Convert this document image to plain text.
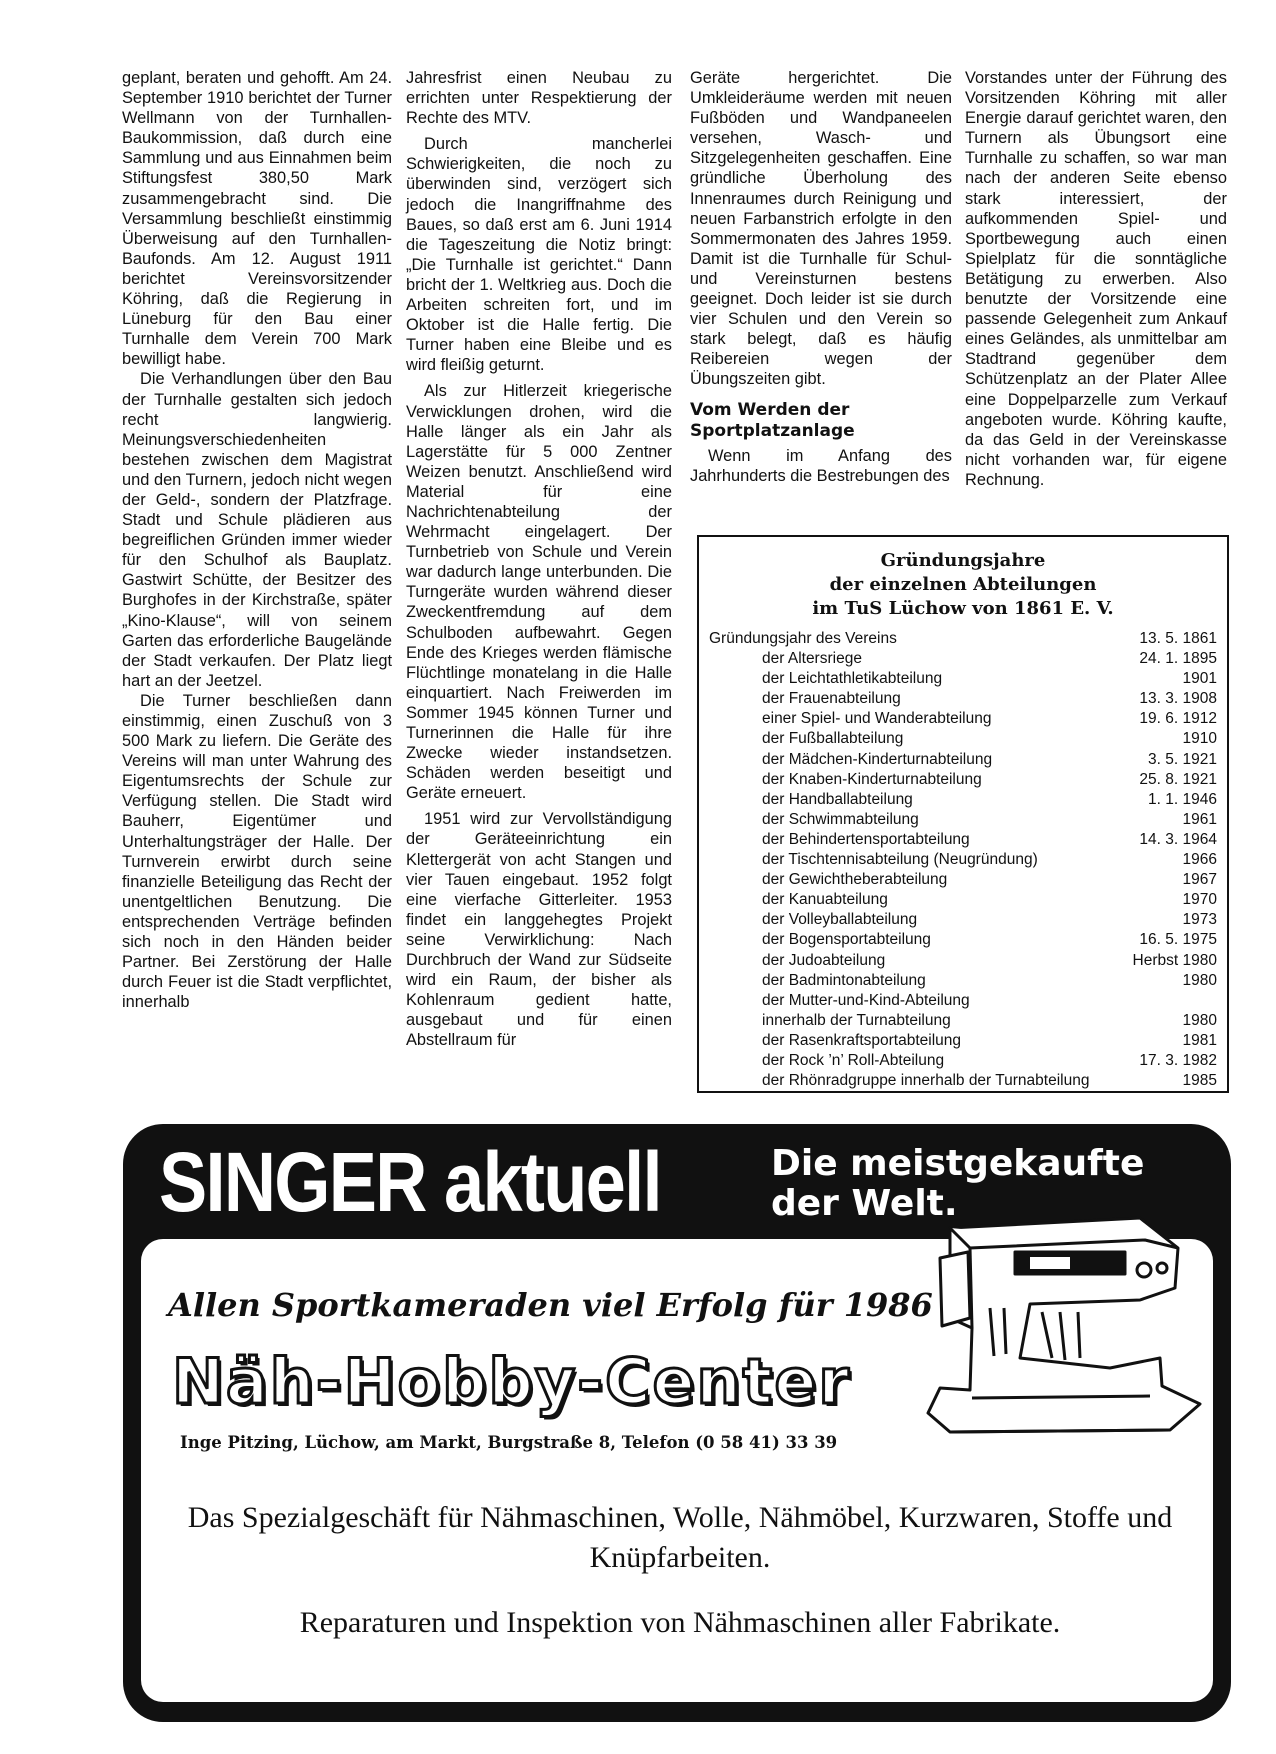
geplant, beraten und gehofft. Am 24. September 1910 berichtet der Turner Wellmann von der Turnhallen-Baukommission, daß durch eine Sammlung und aus Einnahmen beim Stiftungsfest 380,50 Mark zusammengebracht sind. Die Versammlung beschließt einstimmig Überweisung auf den Turnhallen-Baufonds. Am 12. August 1911 berichtet Vereinsvorsitzender Köhring, daß die Regierung in Lüneburg für den Bau einer Turnhalle dem Verein 700 Mark bewilligt habe.

Die Verhandlungen über den Bau der Turnhalle gestalten sich jedoch recht langwierig. Meinungsverschiedenheiten bestehen zwischen dem Magistrat und den Turnern, jedoch nicht wegen der Geld-, sondern der Platzfrage. Stadt und Schule plädieren aus begreiflichen Gründen immer wieder für den Schulhof als Bauplatz. Gastwirt Schütte, der Besitzer des Burghofes in der Kirchstraße, später „Kino-Klause“, will von seinem Garten das erforderliche Baugelände der Stadt verkaufen. Der Platz liegt hart an der Jeetzel.

Die Turner beschließen dann einstimmig, einen Zuschuß von 3 500 Mark zu liefern. Die Geräte des Vereins will man unter Wahrung des Eigentumsrechts der Schule zur Verfügung stellen. Die Stadt wird Bauherr, Eigentümer und Unterhaltungsträger der Halle. Der Turnverein erwirbt durch seine finanzielle Beteiligung das Recht der unentgeltlichen Benutzung. Die entsprechenden Verträge befinden sich noch in den Händen beider Partner. Bei Zerstörung der Halle durch Feuer ist die Stadt verpflichtet, innerhalb

Jahresfrist einen Neubau zu errichten unter Respektierung der Rechte des MTV.

Durch mancherlei Schwierigkeiten, die noch zu überwinden sind, verzögert sich jedoch die Inangriffnahme des Baues, so daß erst am 6. Juni 1914 die Tageszeitung die Notiz bringt: „Die Turnhalle ist gerichtet.“ Dann bricht der 1. Weltkrieg aus. Doch die Arbeiten schreiten fort, und im Oktober ist die Halle fertig. Die Turner haben eine Bleibe und es wird fleißig geturnt.

Als zur Hitlerzeit kriegerische Verwicklungen drohen, wird die Halle länger als ein Jahr als Lagerstätte für 5 000 Zentner Weizen benutzt. Anschließend wird Material für eine Nachrichtenabteilung der Wehrmacht eingelagert. Der Turnbetrieb von Schule und Verein war dadurch lange unterbunden. Die Turngeräte wurden während dieser Zweckentfremdung auf dem Schulboden aufbewahrt. Gegen Ende des Krieges werden flämische Flüchtlinge monatelang in die Halle einquartiert. Nach Freiwerden im Sommer 1945 können Turner und Turnerinnen die Halle für ihre Zwecke wieder instandsetzen. Schäden werden beseitigt und Geräte erneuert.

1951 wird zur Vervollständigung der Geräteeinrichtung ein Klettergerät von acht Stangen und vier Tauen eingebaut. 1952 folgt eine vierfache Gitterleiter. 1953 findet ein langgehegtes Projekt seine Verwirklichung: Nach Durchbruch der Wand zur Südseite wird ein Raum, der bisher als Kohlenraum gedient hatte, ausgebaut und für einen Abstellraum für

Geräte hergerichtet. Die Umkleideräume werden mit neuen Fußböden und Wandpaneelen versehen, Wasch- und Sitzgelegenheiten geschaffen. Eine gründliche Überholung des Innenraumes durch Reinigung und neuen Farbanstrich erfolgte in den Sommermonaten des Jahres 1959. Damit ist die Turnhalle für Schul- und Vereinsturnen bestens geeignet. Doch leider ist sie durch vier Schulen und den Verein so stark belegt, daß es häufig Reibereien wegen der Übungszeiten gibt.

Vom Werden der Sportplatzanlage

Wenn im Anfang des Jahrhunderts die Bestrebungen des

Vorstandes unter der Führung des Vorsitzenden Köhring mit aller Energie darauf gerichtet waren, den Turnern als Übungsort eine Turnhalle zu schaffen, so war man nach der anderen Seite ebenso stark interessiert, der aufkommenden Spiel- und Sportbewegung auch einen Spielplatz für die sonntägliche Betätigung zu erwerben. Also benutzte der Vorsitzende eine passende Gelegenheit zum Ankauf eines Geländes, als unmittelbar am Stadtrand gegenüber dem Schützenplatz an der Plater Allee eine Doppelparzelle zum Verkauf angeboten wurde. Köhring kaufte, da das Geld in der Vereinskasse nicht vorhanden war, für eigene Rechnung.

Gründungsjahre
der einzelnen Abteilungen
im TuS Lüchow von 1861 E. V.
Gründungsjahr des Vereins	13. 5. 1861
der Altersriege	24. 1. 1895
der Leichtathletikabteilung	1901
der Frauenabteilung	13. 3. 1908
einer Spiel- und Wanderabteilung	19. 6. 1912
der Fußballabteilung	1910
der Mädchen-Kinderturnabteilung	3. 5. 1921
der Knaben-Kinderturnabteilung	25. 8. 1921
der Handballabteilung	1. 1. 1946
der Schwimmabteilung	1961
der Behindertensportabteilung	14. 3. 1964
der Tischtennisabteilung (Neugründung)	1966
der Gewichtheberabteilung	1967
der Kanuabteilung	1970
der Volleyballabteilung	1973
der Bogensportabteilung	16. 5. 1975
der Judoabteilung	Herbst 1980
der Badmintonabteilung	1980
der Mutter-und-Kind-Abteilung
innerhalb der Turnabteilung	1980
der Rasenkraftsportabteilung	1981
der Rock ’n’ Roll-Abteilung	17. 3. 1982
der Rhönradgruppe innerhalb der Turnabteilung	1985
SINGER aktuell	Die meistgekaufte
der Welt.
Allen Sportkameraden viel Erfolg für 1986
Näh-Hobby-Center
Inge Pitzing, Lüchow, am Markt, Burgstraße 8, Telefon (0 58 41) 33 39
Das Spezialgeschäft für Nähmaschinen, Wolle, Nähmöbel, Kurzwaren, Stoffe und Knüpfarbeiten.
Reparaturen und Inspektion von Nähmaschinen aller Fabrikate.
